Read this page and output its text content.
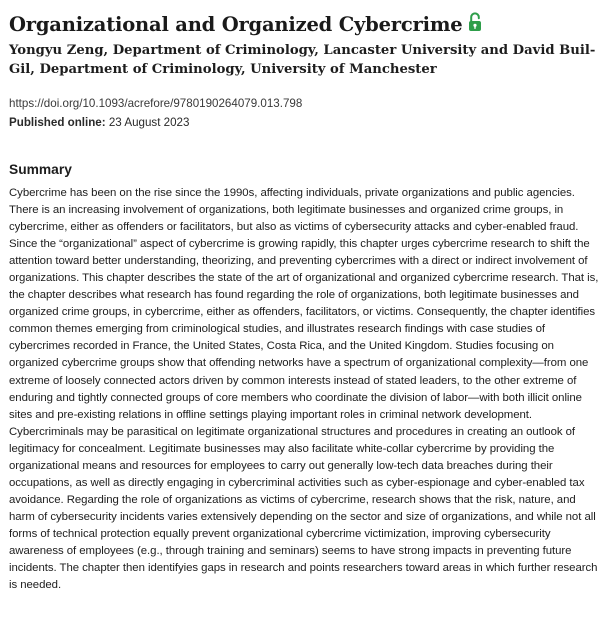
Organizational and Organized Cybercrime

Yongyu Zeng, Department of Criminology, Lancaster University and David Buil-Gil, Department of Criminology, University of Manchester

https://doi.org/10.1093/acrefore/9780190264079.013.798
Published online: 23 August 2023
Summary

Cybercrime has been on the rise since the 1990s, affecting individuals, private organizations and public agencies. There is an increasing involvement of organizations, both legitimate businesses and organized crime groups, in cybercrime, either as offenders or facilitators, but also as victims of cybersecurity attacks and cyber-enabled fraud. Since the “organizational” aspect of cybercrime is growing rapidly, this chapter urges cybercrime research to shift the attention toward better understanding, theorizing, and preventing cybercrimes with a direct or indirect involvement of organizations. This chapter describes the state of the art of organizational and organized cybercrime research. That is, the chapter describes what research has found regarding the role of organizations, both legitimate businesses and organized crime groups, in cybercrime, either as offenders, facilitators, or victims. Consequently, the chapter identifies common themes emerging from criminological studies, and illustrates research findings with case studies of cybercrimes recorded in France, the United States, Costa Rica, and the United Kingdom. Studies focusing on organized cybercrime groups show that offending networks have a spectrum of organizational complexity—from one extreme of loosely connected actors driven by common interests instead of stated leaders, to the other extreme of enduring and tightly connected groups of core members who coordinate the division of labor—with both illicit online sites and pre-existing relations in offline settings playing important roles in criminal network development. Cybercriminals may be parasitical on legitimate organizational structures and procedures in creating an outlook of legitimacy for concealment. Legitimate businesses may also facilitate white-collar cybercrime by providing the organizational means and resources for employees to carry out generally low-tech data breaches during their occupations, as well as directly engaging in cybercriminal activities such as cyber-espionage and cyber-enabled tax avoidance. Regarding the role of organizations as victims of cybercrime, research shows that the risk, nature, and harm of cybersecurity incidents varies extensively depending on the sector and size of organizations, and while not all forms of technical protection equally prevent organizational cybercrime victimization, improving cybersecurity awareness of employees (e.g., through training and seminars) seems to have strong impacts in preventing future incidents. The chapter then identifyies gaps in research and points researchers toward areas in which further research is needed.
